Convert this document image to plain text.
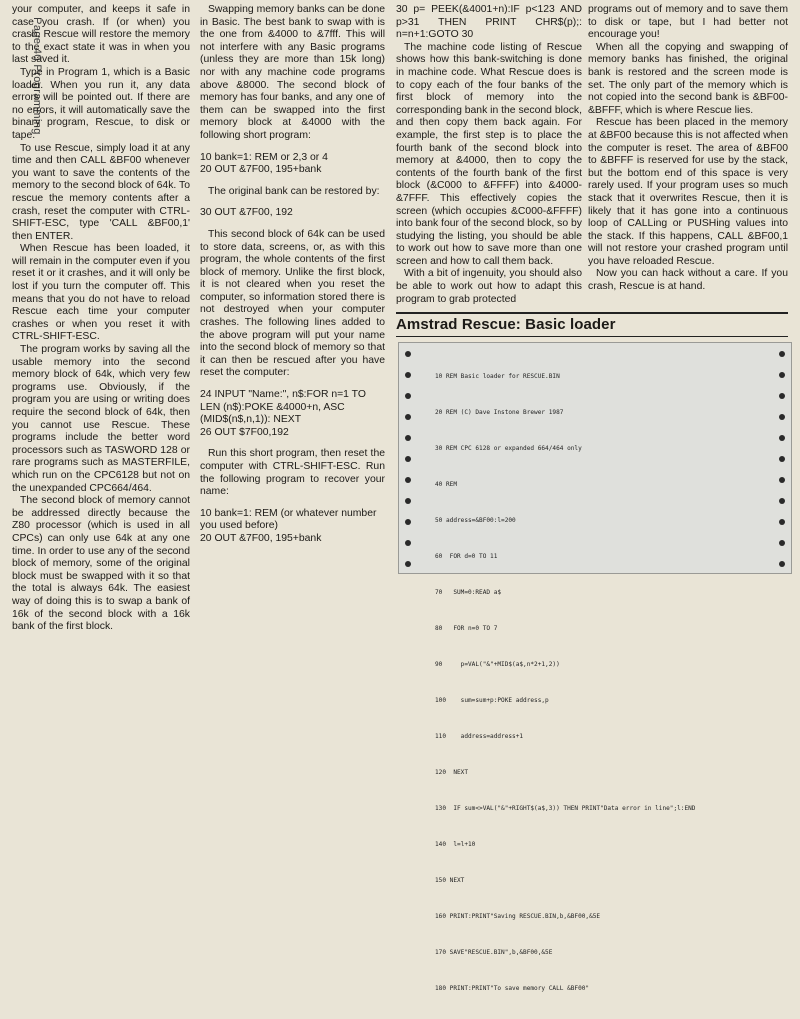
Page 40 Programming

your computer, and keeps it safe in case you crash. If (or when) you crash, Rescue will restore the memory to the exact state it was in when you last saved it.

Type in Program 1, which is a Basic loader. When you run it, any data errors will be pointed out. If there are no errors, it will automatically save the binary program, Rescue, to disk or tape.

To use Rescue, simply load it at any time and then CALL &BF00 whenever you want to save the contents of the memory to the second block of 64k. To rescue the memory contents after a crash, reset the computer with CTRL-SHIFT-ESC, type 'CALL &BF00,1' then ENTER.

When Rescue has been loaded, it will remain in the computer even if you reset it or it crashes, and it will only be lost if you turn the computer off. This means that you do not have to reload Rescue each time your computer crashes or when you reset it with CTRL-SHIFT-ESC.

The program works by saving all the usable memory into the second memory block of 64k, which very few programs use. Obviously, if the program you are using or writing does require the second block of 64k, then you cannot use Rescue. These programs include the better word processors such as TASWORD 128 or rare programs such as MASTERFILE, which run on the CPC6128 but not on the unexpanded CPC664/464.

The second block of memory cannot be addressed directly because the Z80 processor (which is used in all CPCs) can only use 64k at any one time. In order to use any of the second block of memory, some of the original block must be swapped with it so that the total is always 64k. The easiest way of doing this is to swap a bank of 16k of the second block with a 16k bank of the first block.

Swapping memory banks can be done in Basic. The best bank to swap with is the one from &4000 to &7fff. This will not interfere with any Basic programs (unless they are more than 15k long) nor with any machine code programs above &8000. The second block of memory has four banks, and any one of them can be swapped into the first memory block at &4000 with the following short program:

10 bank=1: REM or 2,3 or 4
20 OUT &7F00, 195+bank

The original bank can be restored by:

30 OUT &7F00, 192

This second block of 64k can be used to store data, screens, or, as with this program, the whole contents of the first block of memory. Unlike the first block, it is not cleared when you reset the computer, so information stored there is not destroyed when your computer crashes. The following lines added to the above program will put your name into the second block of memory so that it can then be rescued after you have reset the computer:

24 INPUT "Name:", n$:FOR n=1 TO LEN (n$):POKE &4000+n, ASC (MID$(n$,n,1)): NEXT
26 OUT $7F00,192

Run this short program, then reset the computer with CTRL-SHIFT-ESC. Run the following program to recover your name:

10 bank=1: REM (or whatever number you used before)
20 OUT &7F00, 195+bank

30 p= PEEK(&4001+n):IF p<123 AND p>31 THEN PRINT CHR$(p);: n=n+1:GOTO 30

The machine code listing of Rescue shows how this bank-switching is done in machine code. What Rescue does is to copy each of the four banks of the first block of memory into the corresponding bank in the second block, and then copy them back again. For example, the first step is to place the fourth bank of the second block into memory at &4000, then to copy the contents of the fourth bank of the first block (&C000 to &FFFF) into &4000-&7FFF. This effectively copies the screen (which occupies &C000-&FFFF) into bank four of the second block, so by studying the listing, you should be able to work out how to save more than one screen and how to call them back.

With a bit of ingenuity, you should also be able to work out how to adapt this program to grab protected

programs out of memory and to save them to disk or tape, but I had better not encourage you!

When all the copying and swapping of memory banks has finished, the original bank is restored and the screen mode is set. The only part of the memory which is not copied into the second bank is &BF00-&BFFF, which is where Rescue lies.

Rescue has been placed in the memory at &BF00 because this is not affected when the computer is reset. The area of &BF00 to &BFFF is reserved for use by the stack, but the bottom end of this space is very rarely used. If your program uses so much stack that it overwrites Rescue, then it is likely that it has gone into a continuous loop of CALLing or PUSHing values into the stack. If this happens, CALL &BF00,1 will not restore your crashed program until you have reloaded Rescue.

Now you can hack without a care. If you crash, Rescue is at hand.

Amstrad Rescue: Basic loader

10 REM Basic loader for RESCUE.BIN

20 REM (C) Dave Instone Brewer 1987

30 REM CPC 6128 or expanded 664/464 only

40 REM

50 address=&BF00:l=200

60  FOR d=0 TO 11

70   SUM=0:READ a$

80   FOR n=0 TO 7

90     p=VAL("&"+MID$(a$,n*2+1,2))

100    sum=sum+p:POKE address,p

110    address=address+1

120  NEXT

130  IF sum<>VAL("&"+RIGHT$(a$,3)) THEN PRINT"Data error in line";l:END

140  l=l+10

150 NEXT

160 PRINT:PRINT"Saving RESCUE.BIN,b,&BF00,&5E

170 SAVE"RESCUE.BIN",b,&BF00,&5E

180 PRINT:PRINT"To save memory CALL &BF00"
